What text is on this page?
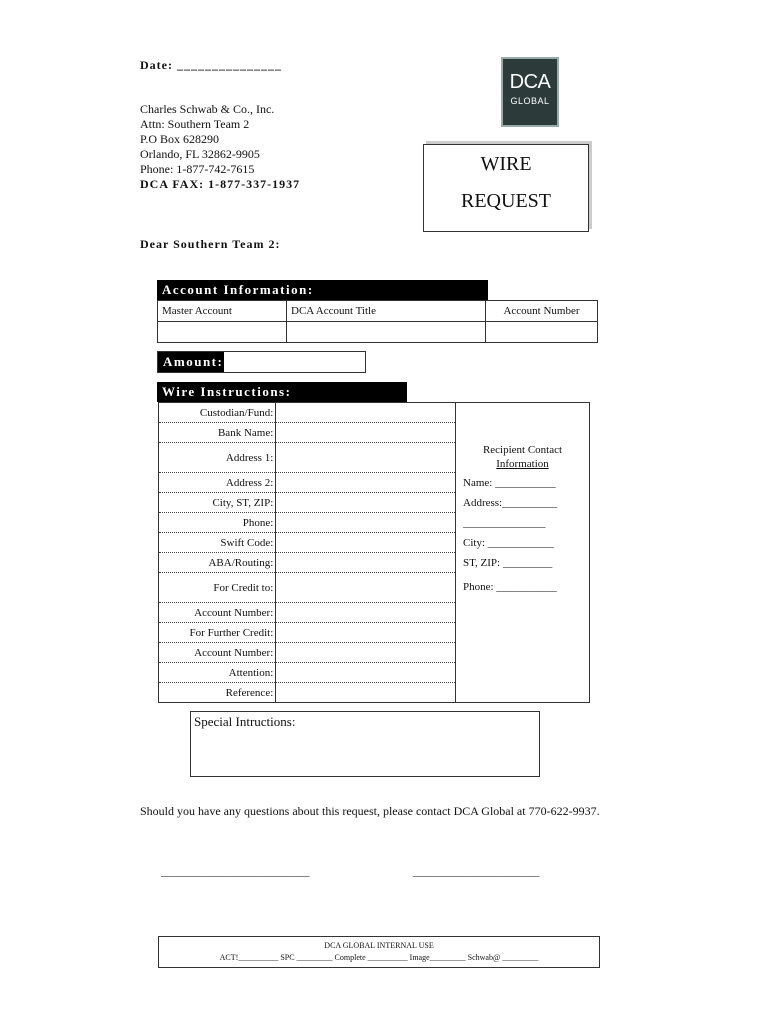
Date: _______________
Charles Schwab & Co., Inc.
Attn: Southern Team 2
P.O Box 628290
Orlando, FL 32862-9905
Phone: 1-877-742-7615
DCA FAX: 1-877-337-1937
DCA
GLOBAL
WIRE
REQUEST
Dear Southern Team 2:
Account Information:
Master Account	DCA Account Title	Account Number

Amount:
Wire Instructions:
Custodian/Fund:	
Bank Name:	
Address 1:	
Address 2:	
City, ST, ZIP:	
Phone:	
Swift Code:	
ABA/Routing:	
For Credit to:	
Account Number:	
For Further Credit:	
Account Number:	
Attention:	
Reference:	
Recipient Contact
Information
Name: ___________
Address:__________
_______________
City: ____________
ST, ZIP: _________
Phone: ___________
Special Intructions:
Should you have any questions about this request, please contact DCA Global at 770-622-9937.
___________________________	_______________________
DCA GLOBAL INTERNAL USE
ACT!__________ SPC _________ Complete __________ Image_________ Schwab@ _________
